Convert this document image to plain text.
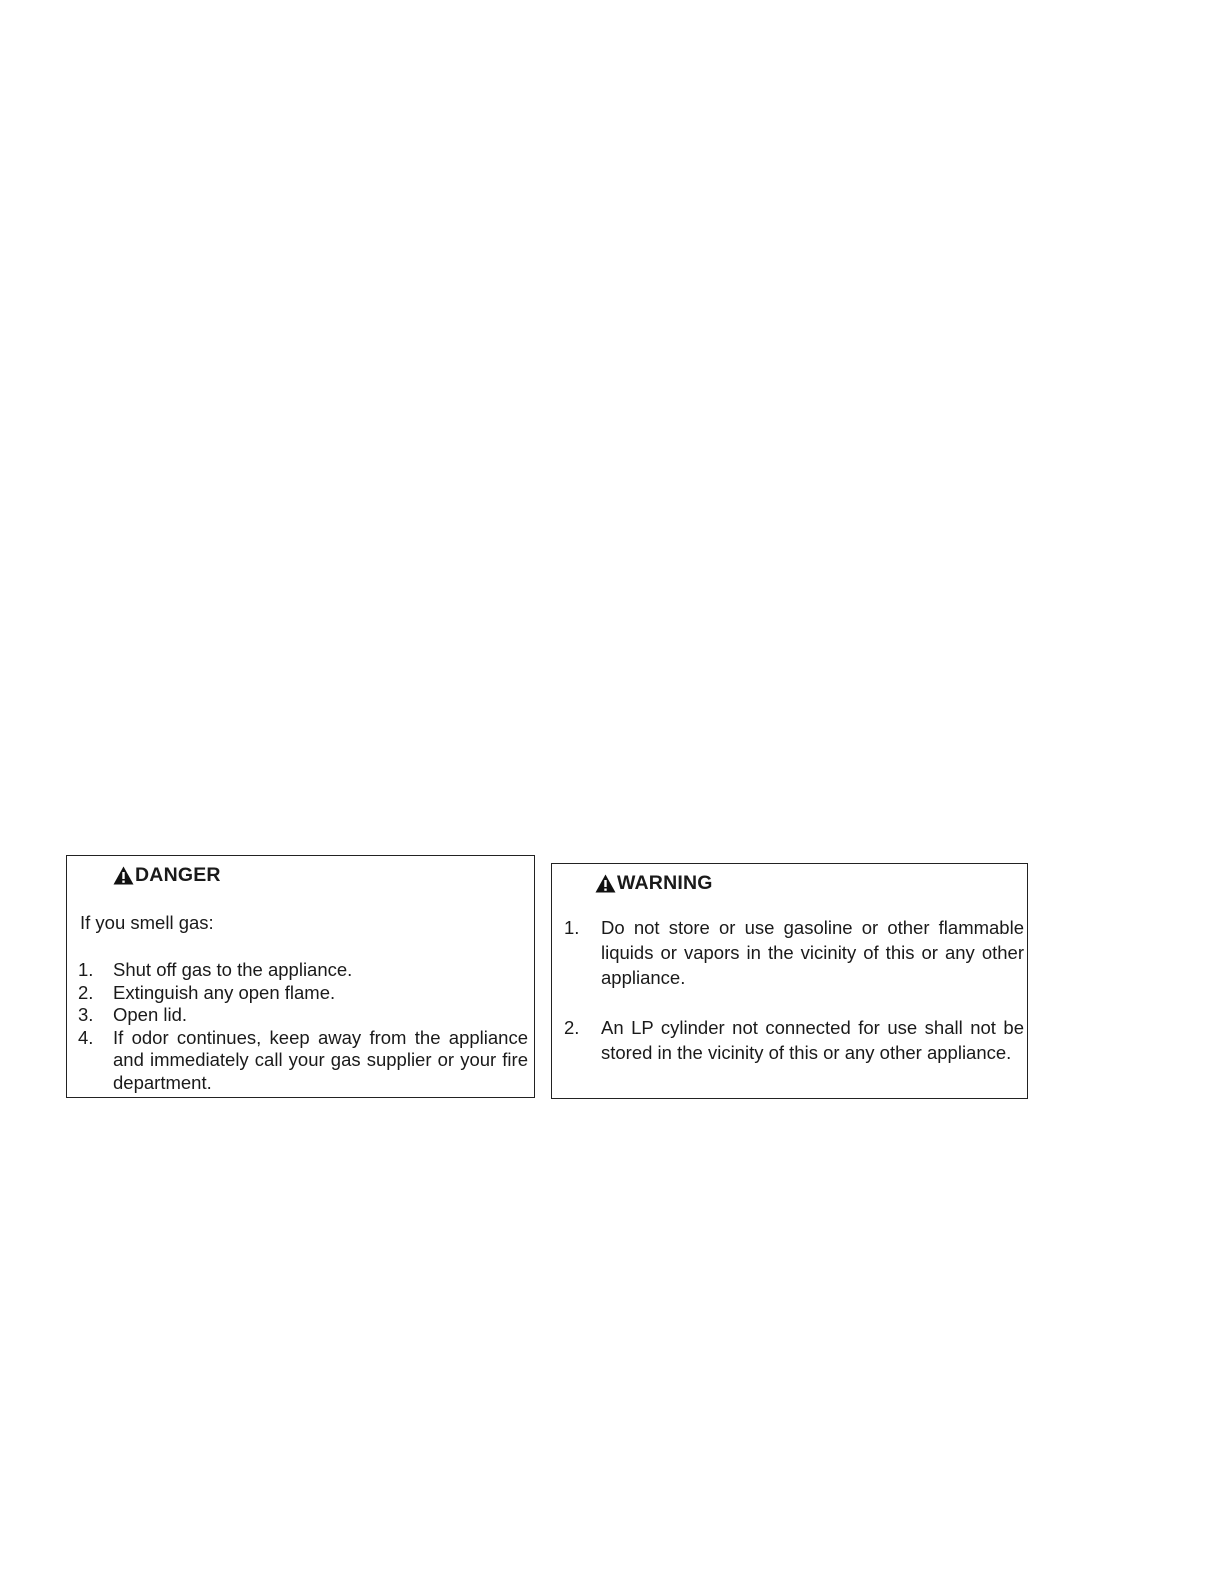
DANGER
If you smell gas:
1.	Shut off gas to the appliance.
2.	Extinguish any open flame.
3.	Open lid.
4.	If odor continues, keep away from the appliance and immediately call your gas supplier or your fire department.
WARNING
1.	Do not store or use gasoline or other flammable liquids or vapors in the vicinity of this or any other appliance.
2.	An LP cylinder not connected for use shall not be stored in the vicinity of this or any other appliance.
